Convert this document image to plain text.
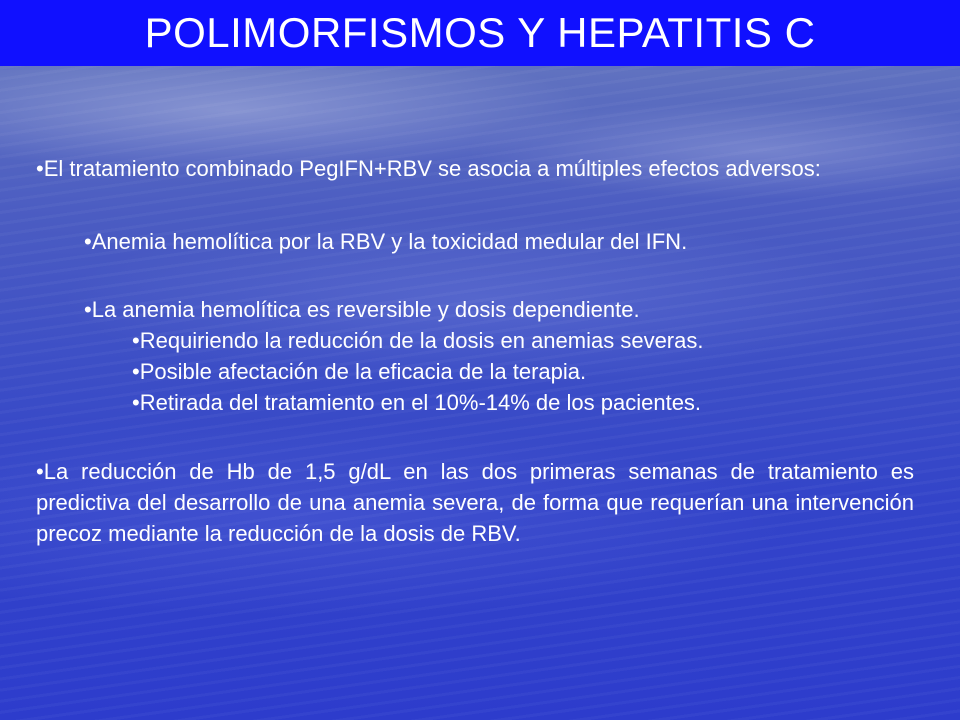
POLIMORFISMOS Y HEPATITIS C

• El tratamiento combinado PegIFN+RBV se asocia a múltiples efectos adversos:

• Anemia hemolítica por la RBV y la toxicidad medular del IFN.

• La anemia hemolítica es reversible y dosis dependiente.

• Requiriendo la reducción de la dosis en anemias severas.

• Posible afectación de la eficacia de la terapia.

• Retirada del tratamiento en el 10%-14% de los pacientes.

• La reducción de Hb de 1,5 g/dL en las dos primeras semanas de tratamiento es predictiva del desarrollo de una anemia severa, de forma que requerían una intervención precoz mediante la reducción de la dosis de RBV.
